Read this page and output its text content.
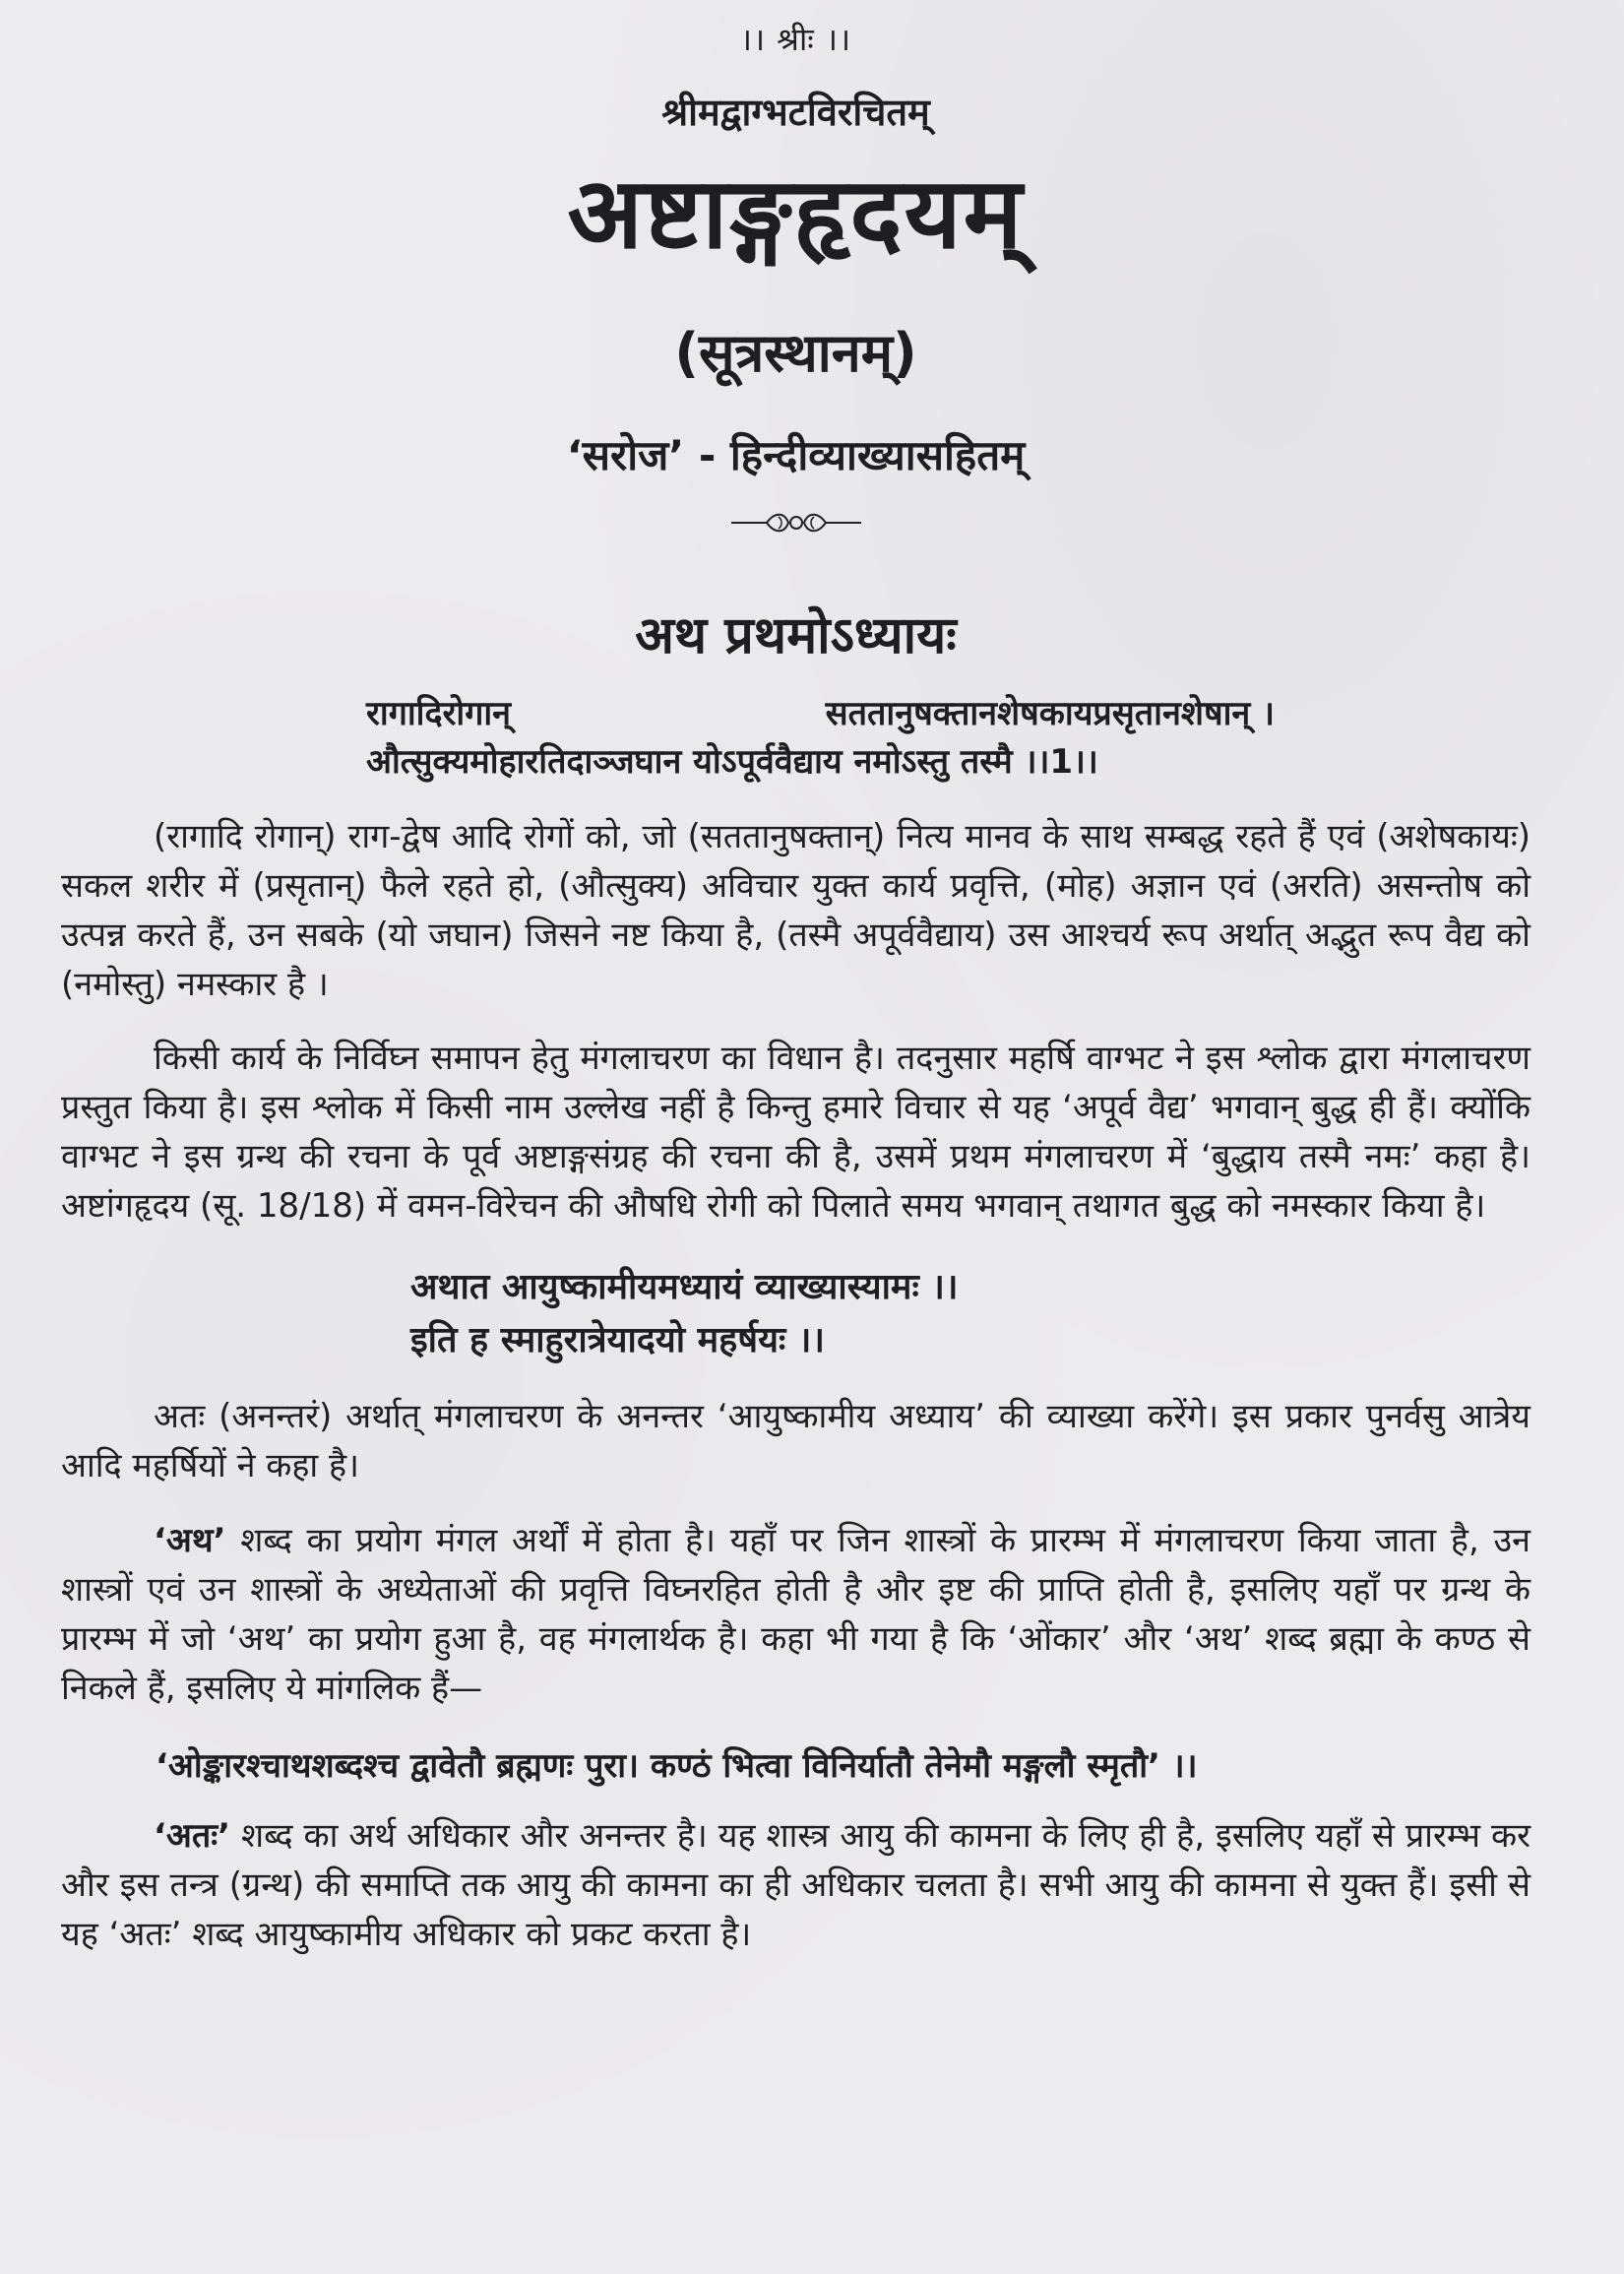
।। श्रीः ।।
श्रीमद्वाग्भटविरचितम्
अष्टाङ्गहृदयम्
(सूत्रस्थानम्)
‘सरोज’ - हिन्दीव्याख्यासहितम्
अथ प्रथमोऽध्यायः
रागादिरोगान्	सततानुषक्तानशेषकायप्रसृतानशेषान् ।
औत्सुक्यमोहारतिदाञ्जघान योऽपूर्ववैद्याय नमोऽस्तु तस्मै ।।1।।

(रागादि रोगान्) राग-द्वेष आदि रोगों को, जो (सततानुषक्तान्) नित्य मानव के साथ सम्बद्ध रहते हैं एवं (अशेषकायः) सकल शरीर में (प्रसृतान्) फैले रहते हो, (औत्सुक्य) अविचार युक्त कार्य प्रवृत्ति, (मोह) अज्ञान एवं (अरति) असन्तोष को उत्पन्न करते हैं, उन सबके (यो जघान) जिसने नष्ट किया है, (तस्मै अपूर्ववैद्याय) उस आश्चर्य रूप अर्थात् अद्भुत रूप वैद्य को (नमोस्तु) नमस्कार है ।

किसी कार्य के निर्विघ्न समापन हेतु मंगलाचरण का विधान है। तदनुसार महर्षि वाग्भट ने इस श्लोक द्वारा मंगलाचरण प्रस्तुत किया है। इस श्लोक में किसी नाम उल्लेख नहीं है किन्तु हमारे विचार से यह ‘अपूर्व वैद्य’ भगवान् बुद्ध ही हैं। क्योंकि वाग्भट ने इस ग्रन्थ की रचना के पूर्व अष्टाङ्गसंग्रह की रचना की है, उसमें प्रथम मंगलाचरण में ‘बुद्धाय तस्मै नमः’ कहा है। अष्टांगहृदय (सू. 18/18) में वमन-विरेचन की औषधि रोगी को पिलाते समय भगवान् तथागत बुद्ध को नमस्कार किया है।

अथात आयुष्कामीयमध्यायं व्याख्यास्यामः ।।
इति ह स्माहुरात्रेयादयो महर्षयः ।।

अतः (अनन्तरं) अर्थात् मंगलाचरण के अनन्तर ‘आयुष्कामीय अध्याय’ की व्याख्या करेंगे। इस प्रकार पुनर्वसु आत्रेय आदि महर्षियों ने कहा है।

‘अथ’ शब्द का प्रयोग मंगल अर्थों में होता है। यहाँ पर जिन शास्त्रों के प्रारम्भ में मंगलाचरण किया जाता है, उन शास्त्रों एवं उन शास्त्रों के अध्येताओं की प्रवृत्ति विघ्नरहित होती है और इष्ट की प्राप्ति होती है, इसलिए यहाँ पर ग्रन्थ के प्रारम्भ में जो ‘अथ’ का प्रयोग हुआ है, वह मंगलार्थक है। कहा भी गया है कि ‘ओंकार’ और ‘अथ’ शब्द ब्रह्मा के कण्ठ से निकले हैं, इसलिए ये मांगलिक हैं—

‘ओङ्कारश्चाथशब्दश्च द्वावेतौ ब्रह्मणः पुरा। कण्ठं भित्वा विनिर्यातौ तेनेमौ मङ्गलौ स्मृतौ’ ।।

‘अतः’ शब्द का अर्थ अधिकार और अनन्तर है। यह शास्त्र आयु की कामना के लिए ही है, इसलिए यहाँ से प्रारम्भ कर और इस तन्त्र (ग्रन्थ) की समाप्ति तक आयु की कामना का ही अधिकार चलता है। सभी आयु की कामना से युक्त हैं। इसी से यह ‘अतः’ शब्द आयुष्कामीय अधिकार को प्रकट करता है।
